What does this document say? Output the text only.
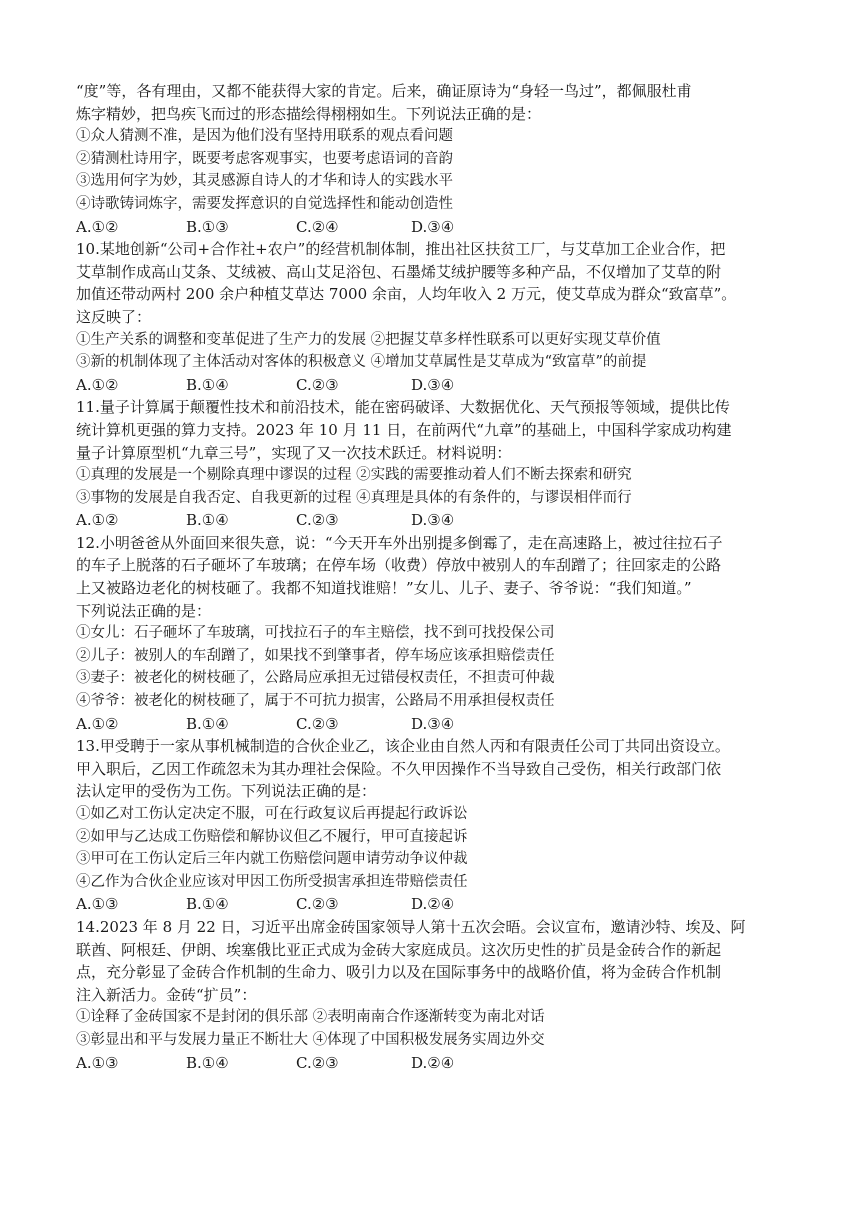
“度”等，各有理由，又都不能获得大家的肯定。后来，确证原诗为“身轻一鸟过”，都佩服杜甫
炼字精妙，把鸟疾飞而过的形态描绘得栩栩如生。下列说法正确的是：
①众人猜测不准，是因为他们没有坚持用联系的观点看问题
②猜测杜诗用字，既要考虑客观事实，也要考虑语词的音韵
③选用何字为妙，其灵感源自诗人的才华和诗人的实践水平
④诗歌铸词炼字，需要发挥意识的自觉选择性和能动创造性
A.①②	B.①③	C.②④	D.③④
10.某地创新“公司+合作社+农户”的经营机制体制，推出社区扶贫工厂，与艾草加工企业合作，把
艾草制作成高山艾条、艾绒被、高山艾足浴包、石墨烯艾绒护腰等多种产品，不仅增加了艾草的附
加值还带动两村 200 余户种植艾草达 7000 余亩，人均年收入 2 万元，使艾草成为群众“致富草”。
这反映了：
①生产关系的调整和变革促进了生产力的发展 ②把握艾草多样性联系可以更好实现艾草价值
③新的机制体现了主体活动对客体的积极意义 ④增加艾草属性是艾草成为“致富草”的前提
A.①②	B.①④	C.②③	D.③④
11.量子计算属于颠覆性技术和前沿技术，能在密码破译、大数据优化、天气预报等领域，提供比传
统计算机更强的算力支持。2023 年 10 月 11 日，在前两代“九章”的基础上，中国科学家成功构建
量子计算原型机“九章三号”，实现了又一次技术跃迁。材料说明：
①真理的发展是一个剔除真理中谬误的过程 ②实践的需要推动着人们不断去探索和研究
③事物的发展是自我否定、自我更新的过程 ④真理是具体的有条件的，与谬误相伴而行
A.①②	B.①④	C.②③	D.③④
12.小明爸爸从外面回来很失意，说：“今天开车外出别提多倒霉了，走在高速路上，被过往拉石子
的车子上脱落的石子砸坏了车玻璃；在停车场（收费）停放中被别人的车刮蹭了；往回家走的公路
上又被路边老化的树枝砸了。我都不知道找谁赔！”女儿、儿子、妻子、爷爷说：“我们知道。”
下列说法正确的是：
①女儿：石子砸坏了车玻璃，可找拉石子的车主赔偿，找不到可找投保公司
②儿子：被别人的车刮蹭了，如果找不到肇事者，停车场应该承担赔偿责任
③妻子：被老化的树枝砸了，公路局应承担无过错侵权责任，不担责可仲裁
④爷爷：被老化的树枝砸了，属于不可抗力损害，公路局不用承担侵权责任
A.①②	B.①④	C.②③	D.③④
13.甲受聘于一家从事机械制造的合伙企业乙，该企业由自然人丙和有限责任公司丁共同出资设立。
甲入职后，乙因工作疏忽未为其办理社会保险。不久甲因操作不当导致自己受伤，相关行政部门依
法认定甲的受伤为工伤。下列说法正确的是：
①如乙对工伤认定决定不服，可在行政复议后再提起行政诉讼
②如甲与乙达成工伤赔偿和解协议但乙不履行，甲可直接起诉
③甲可在工伤认定后三年内就工伤赔偿问题申请劳动争议仲裁
④乙作为合伙企业应该对甲因工伤所受损害承担连带赔偿责任
A.①③	B.①④	C.②③	D.②④
14.2023 年 8 月 22 日，习近平出席金砖国家领导人第十五次会晤。会议宣布，邀请沙特、埃及、阿
联酋、阿根廷、伊朗、埃塞俄比亚正式成为金砖大家庭成员。这次历史性的扩员是金砖合作的新起
点，充分彰显了金砖合作机制的生命力、吸引力以及在国际事务中的战略价值，将为金砖合作机制
注入新活力。金砖“扩员”：
①诠释了金砖国家不是封闭的俱乐部 ②表明南南合作逐渐转变为南北对话
③彰显出和平与发展力量正不断壮大 ④体现了中国积极发展务实周边外交
A.①③	B.①④	C.②③	D.②④
